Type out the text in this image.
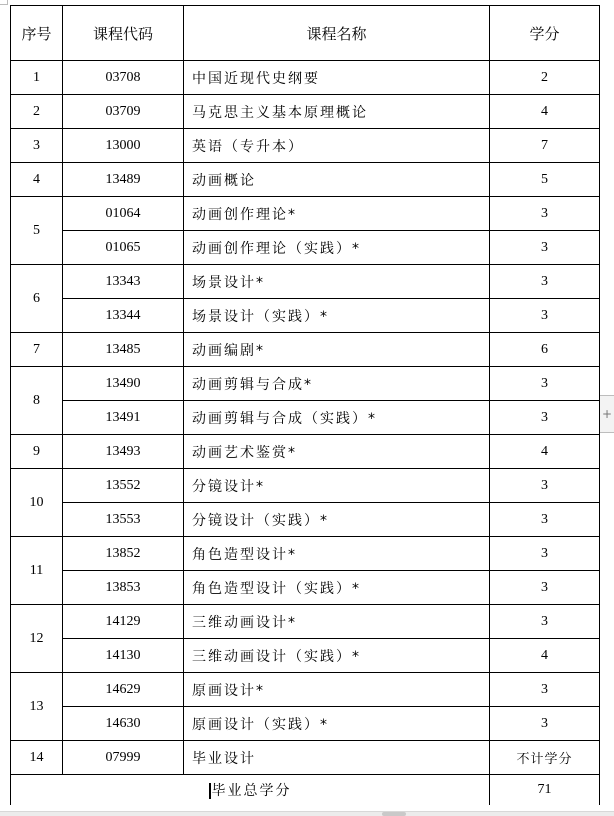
序号	课程代码	课程名称	学分
1	03708	中国近现代史纲要	2
2	03709	马克思主义基本原理概论	4
3	13000	英语（专升本）	7
4	13489	动画概论	5
5	01064	动画创作理论*	3
	01065	动画创作理论（实践）*	3
6	13343	场景设计*	3
	13344	场景设计（实践）*	3
7	13485	动画编剧*	6
8	13490	动画剪辑与合成*	3
	13491	动画剪辑与合成（实践）*	3
9	13493	动画艺术鉴赏*	4
10	13552	分镜设计*	3
	13553	分镜设计（实践）*	3
11	13852	角色造型设计*	3
	13853	角色造型设计（实践）*	3
12	14129	三维动画设计*	3
	14130	三维动画设计（实践）*	4
13	14629	原画设计*	3
	14630	原画设计（实践）*	3
14	07999	毕业设计	不计学分
毕业总学分			71
+
